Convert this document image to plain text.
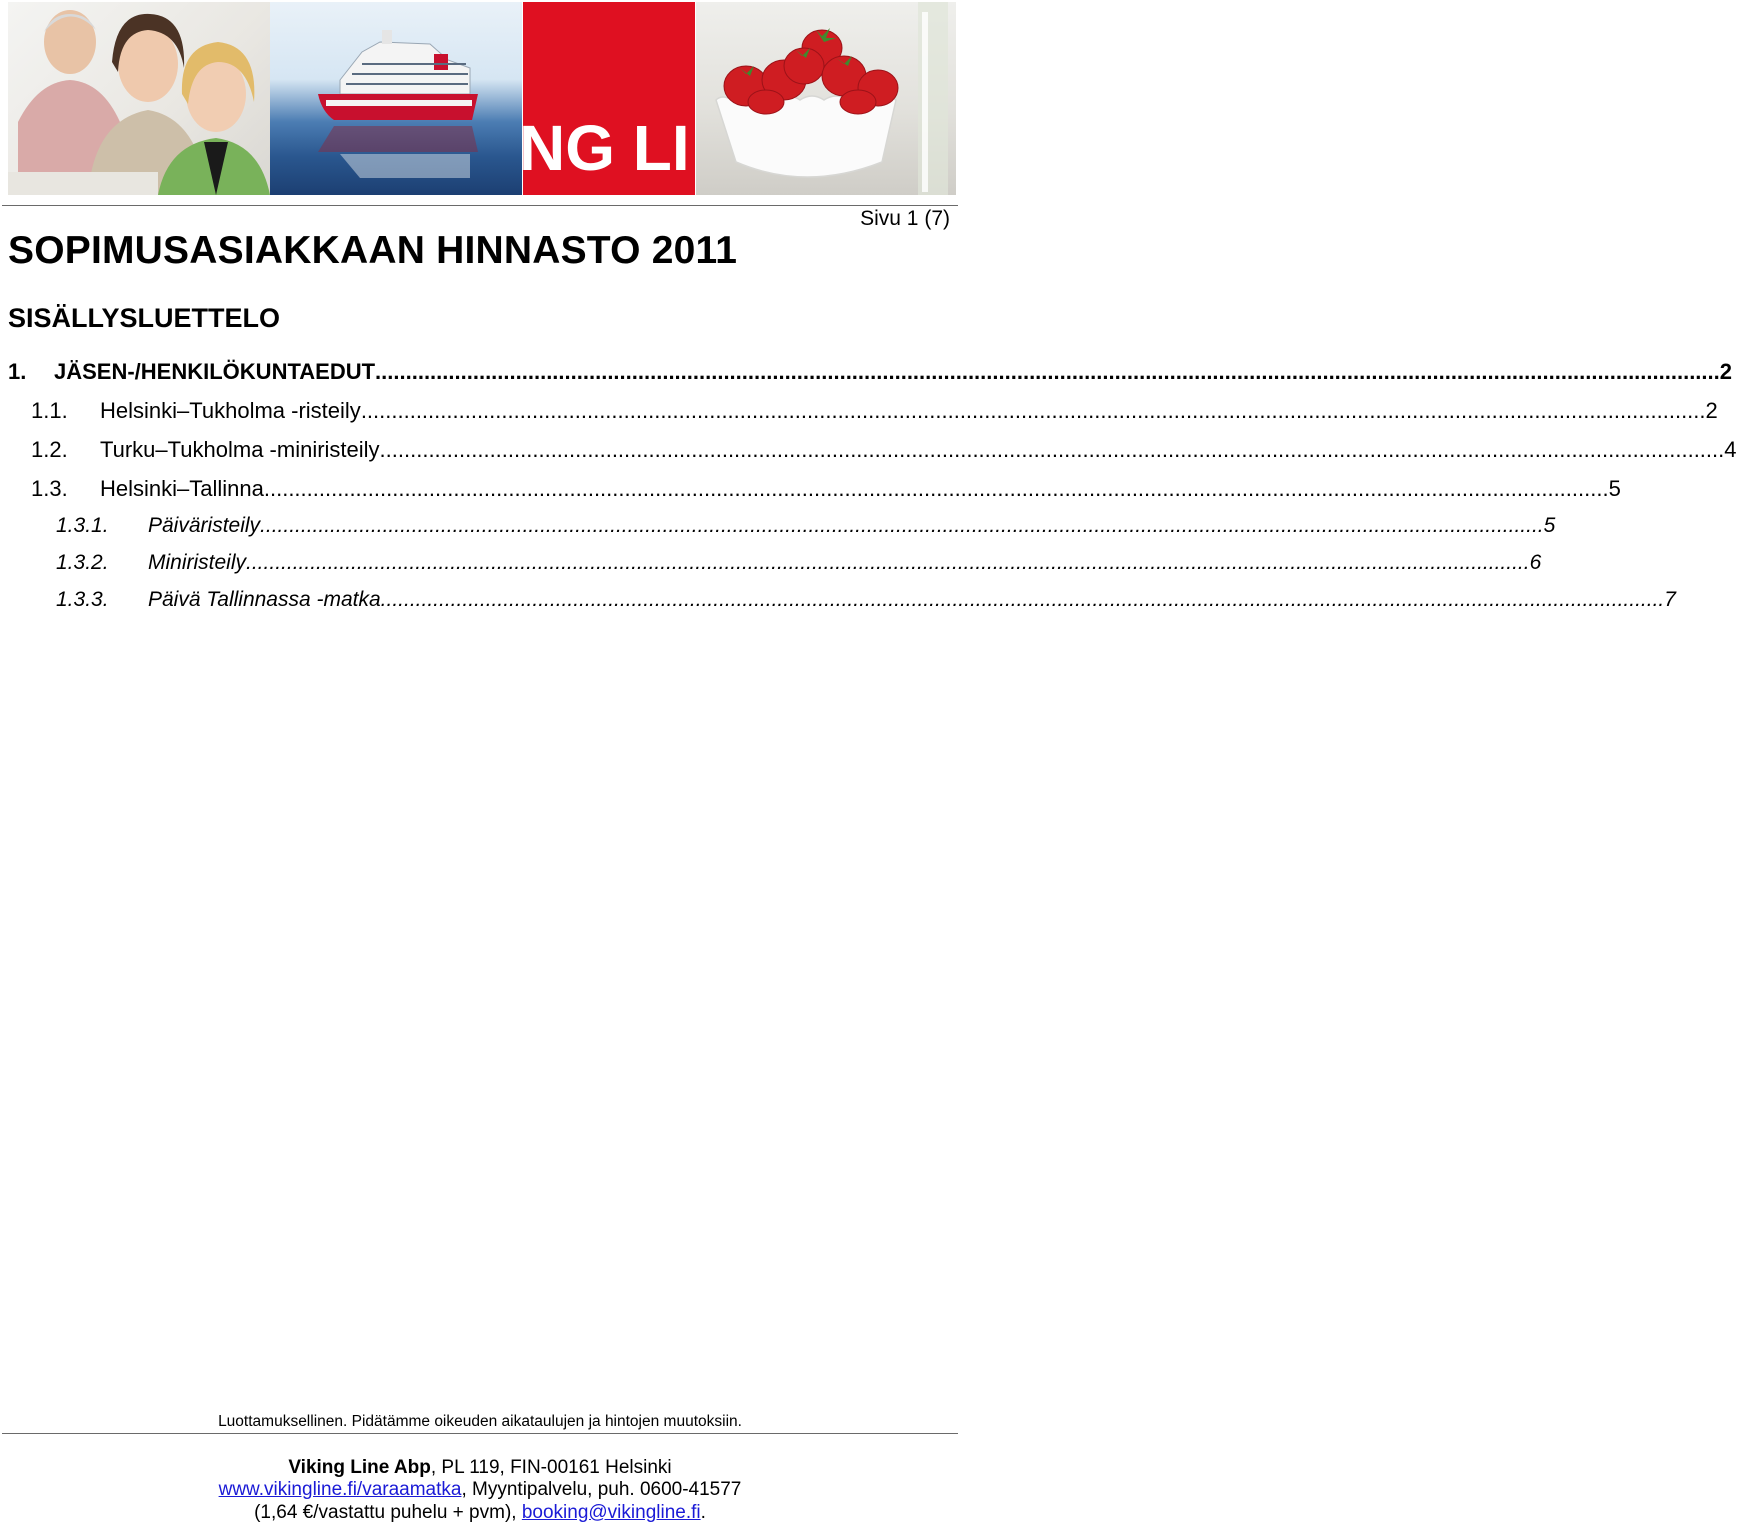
NG LI
Sivu 1 (7)
SOPIMUSASIAKKAAN HINNASTO 2011
SISÄLLYSLUETTELO
1.	JÄSEN-/HENKILÖKUNTAEDUT ............................................................................................................................................................................................................................ 2
1.1.	Helsinki–Tukholma -risteily ............................................................................................................................................................................................................................ 2
1.2.	Turku–Tukholma -miniristeily ............................................................................................................................................................................................................................ 4
1.3.	Helsinki–Tallinna ............................................................................................................................................................................................................................ 5
1.3.1.	Päiväristeily ............................................................................................................................................................................................................................ 5
1.3.2.	Miniristeily ............................................................................................................................................................................................................................ 6
1.3.3.	Päivä Tallinnassa -matka ............................................................................................................................................................................................................................ 7
Luottamuksellinen. Pidätämme oikeuden aikataulujen ja hintojen muutoksiin.
Viking Line Abp, PL 119, FIN-00161 Helsinki
www.vikingline.fi/varaamatka, Myyntipalvelu, puh. 0600-41577
(1,64 €/vastattu puhelu + pvm), booking@vikingline.fi.
